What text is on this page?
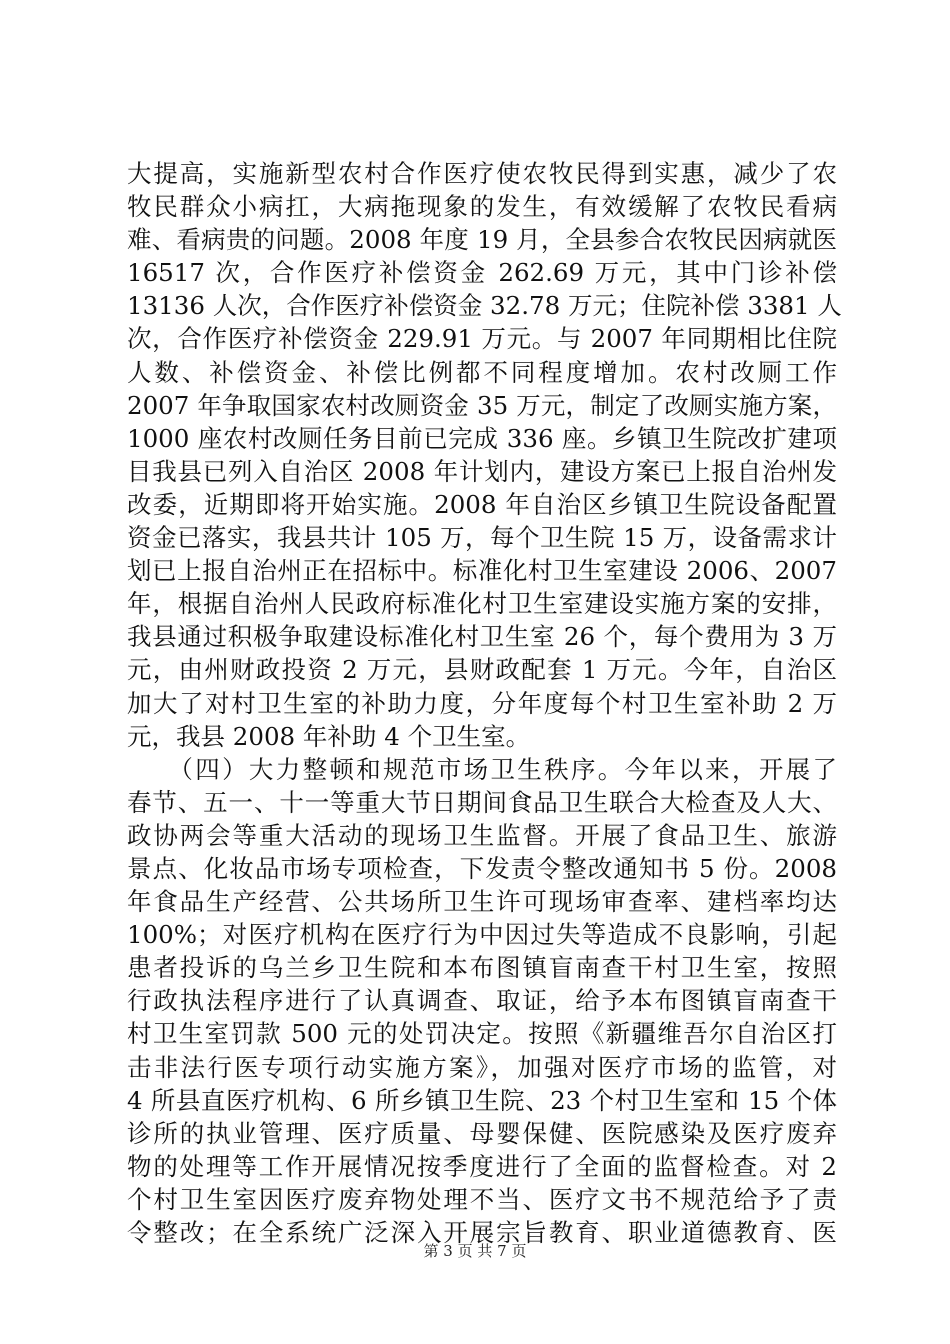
大提高，实施新型农村合作医疗使农牧民得到实惠，减少了农
牧民群众小病扛，大病拖现象的发生，有效缓解了农牧民看病
难、看病贵的问题。2008 年度 19 月，全县参合农牧民因病就医
16517 次，合作医疗补偿资金 262.69 万元，其中门诊补偿
13136 人次，合作医疗补偿资金 32.78 万元；住院补偿 3381 人
次，合作医疗补偿资金 229.91 万元。与 2007 年同期相比住院
人数、补偿资金、补偿比例都不同程度增加。农村改厕工作
2007 年争取国家农村改厕资金 35 万元，制定了改厕实施方案，
1000 座农村改厕任务目前已完成 336 座。乡镇卫生院改扩建项
目我县已列入自治区 2008 年计划内，建设方案已上报自治州发
改委，近期即将开始实施。2008 年自治区乡镇卫生院设备配置
资金已落实，我县共计 105 万，每个卫生院 15 万，设备需求计
划已上报自治州正在招标中。标准化村卫生室建设 2006、2007
年，根据自治州人民政府标准化村卫生室建设实施方案的安排，
我县通过积极争取建设标准化村卫生室 26 个，每个费用为 3 万
元，由州财政投资 2 万元，县财政配套 1 万元。今年，自治区
加大了对村卫生室的补助力度，分年度每个村卫生室补助 2 万
元，我县 2008 年补助 4 个卫生室。
　　（四）大力整顿和规范市场卫生秩序。今年以来，开展了
春节、五一、十一等重大节日期间食品卫生联合大检查及人大、
政协两会等重大活动的现场卫生监督。开展了食品卫生、旅游
景点、化妆品市场专项检查，下发责令整改通知书 5 份。2008
年食品生产经营、公共场所卫生许可现场审查率、建档率均达
100%；对医疗机构在医疗行为中因过失等造成不良影响，引起
患者投诉的乌兰乡卫生院和本布图镇盲南查干村卫生室，按照
行政执法程序进行了认真调查、取证，给予本布图镇盲南查干
村卫生室罚款 500 元的处罚决定。按照《新疆维吾尔自治区打
击非法行医专项行动实施方案》，加强对医疗市场的监管，对
4 所县直医疗机构、6 所乡镇卫生院、23 个村卫生室和 15 个体
诊所的执业管理、医疗质量、母婴保健、医院感染及医疗废弃
物的处理等工作开展情况按季度进行了全面的监督检查。对 2
个村卫生室因医疗废弃物处理不当、医疗文书不规范给予了责
令整改；在全系统广泛深入开展宗旨教育、职业道德教育、医
第 3 页 共 7 页
